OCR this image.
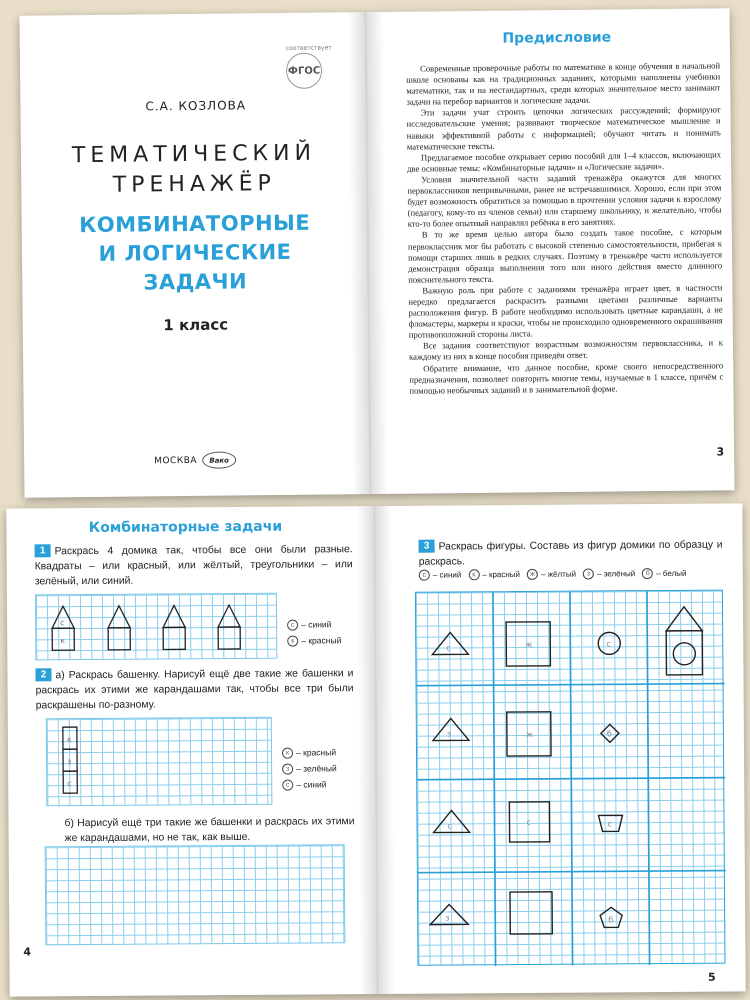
соответствует
ФГОС
С.А. КОЗЛОВА
ТЕМАТИЧЕСКИЙ
ТРЕНАЖЁР
КОМБИНАТОРНЫЕ
И ЛОГИЧЕСКИЕ
ЗАДАЧИ
1 класс
МОСКВА	Вако
Предисловие

Современные проверочные работы по математике в конце обучения в начальной школе основаны как на традиционных заданиях, которыми наполнены учебники математики, так и на нестандартных, среди которых значительное место занимают задачи на перебор вариантов и логические задачи.

Эти задачи учат строить цепочки логических рассуждений; формируют исследовательские умения; развивают творческое математическое мышление и навыки эффективной работы с информацией; обучают читать и понимать математические тексты.

Предлагаемое пособие открывает серию пособий для 1–4 классов, включающих две основные темы: «Комбинаторные задачи» и «Логические задачи».

Условия значительной части заданий тренажёра окажутся для многих первоклассников непривычными, ранее не встречавшимися. Хорошо, если при этом будет возможность обратиться за помощью в прочтении условия задачи к взрослому (педагогу, кому-то из членов семьи) или старшему школьнику, и желательно, чтобы кто-то более опытный направлял ребёнка в его занятиях.

В то же время целью автора было создать такое пособие, с которым первоклассник мог бы работать с высокой степенью самостоятельности, прибегая к помощи старших лишь в редких случаях. Поэтому в тренажёре часто используется демонстрация образца выполнения того или иного действия вместо длинного пояснительного текста.

Важную роль при работе с заданиями тренажёра играет цвет, в частности нередко предлагается раскрасить разными цветами различные варианты расположения фигур. В работе необходимо использовать цветные карандаши, а не фломастеры, маркеры и краски, чтобы не происходило одновременного окрашивания противоположной стороны листа.

Все задания соответствуют возрастным возможностям первоклассника, и к каждому из них в конце пособия приведён ответ.

Обратите внимание, что данное пособие, кроме своего непосредственного предназначения, позволяет повторить многие темы, изучаемые в 1 классе, причём с помощью необычных заданий и в занимательной форме.

3
Комбинаторные задачи
1 Раскрась 4 домика так, чтобы все они были разные. Квадраты – или красный, или жёлтый, треугольники – или зелёный, или синий.
с
к
с – синий
к – красный
2 а) Раскрась башенку. Нарисуй ещё две такие же башенки и раскрась их этими же карандашами так, чтобы все три были раскрашены по-разному.
к
з
с
к – красный
з – зелёный
с – синий
б) Нарисуй ещё три такие же башенки и раскрась их этими же карандашами, но не так, как выше.
4
3 Раскрась фигуры. Составь из фигур домики по образцу и раскрась.
с – синий	к – красный	ж – жёлтый	з – зелёный	б – белый
с	ж	с
з	ж	б
с	с	с
з	б
5
